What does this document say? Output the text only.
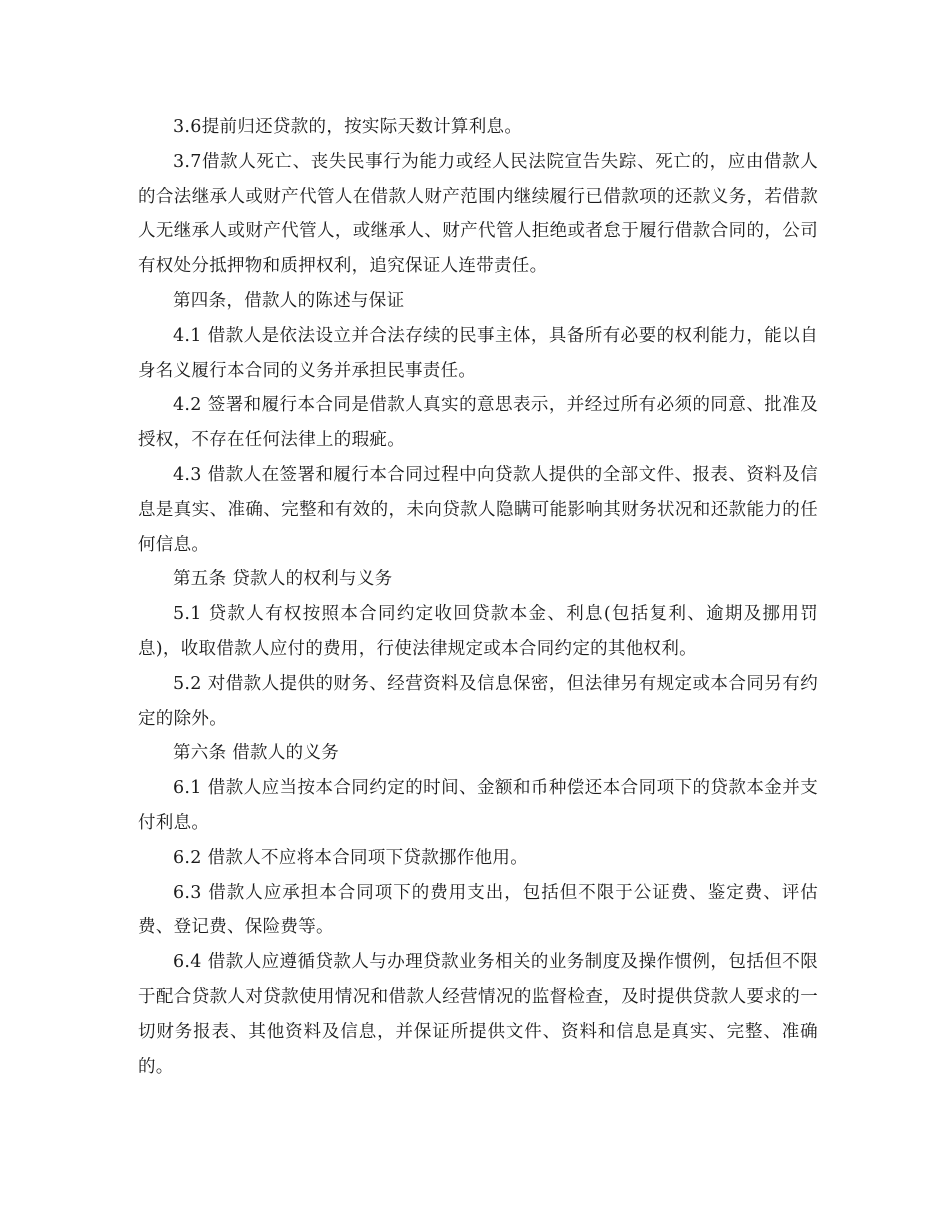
3.6提前归还贷款的，按实际天数计算利息。

3.7借款人死亡、丧失民事行为能力或经人民法院宣告失踪、死亡的，应由借款人的合法继承人或财产代管人在借款人财产范围内继续履行已借款项的还款义务，若借款人无继承人或财产代管人，或继承人、财产代管人拒绝或者怠于履行借款合同的，公司有权处分抵押物和质押权利，追究保证人连带责任。

第四条，借款人的陈述与保证

4.1 借款人是依法设立并合法存续的民事主体，具备所有必要的权利能力，能以自身名义履行本合同的义务并承担民事责任。

4.2 签署和履行本合同是借款人真实的意思表示，并经过所有必须的同意、批准及授权，不存在任何法律上的瑕疵。

4.3 借款人在签署和履行本合同过程中向贷款人提供的全部文件、报表、资料及信息是真实、准确、完整和有效的，未向贷款人隐瞒可能影响其财务状况和还款能力的任何信息。

第五条 贷款人的权利与义务

5.1 贷款人有权按照本合同约定收回贷款本金、利息(包括复利、逾期及挪用罚息)，收取借款人应付的费用，行使法律规定或本合同约定的其他权利。

5.2 对借款人提供的财务、经营资料及信息保密，但法律另有规定或本合同另有约定的除外。

第六条 借款人的义务

6.1 借款人应当按本合同约定的时间、金额和币种偿还本合同项下的贷款本金并支付利息。

6.2 借款人不应将本合同项下贷款挪作他用。

6.3 借款人应承担本合同项下的费用支出，包括但不限于公证费、鉴定费、评估费、登记费、保险费等。

6.4 借款人应遵循贷款人与办理贷款业务相关的业务制度及操作惯例，包括但不限于配合贷款人对贷款使用情况和借款人经营情况的监督检查，及时提供贷款人要求的一切财务报表、其他资料及信息，并保证所提供文件、资料和信息是真实、完整、准确的。
